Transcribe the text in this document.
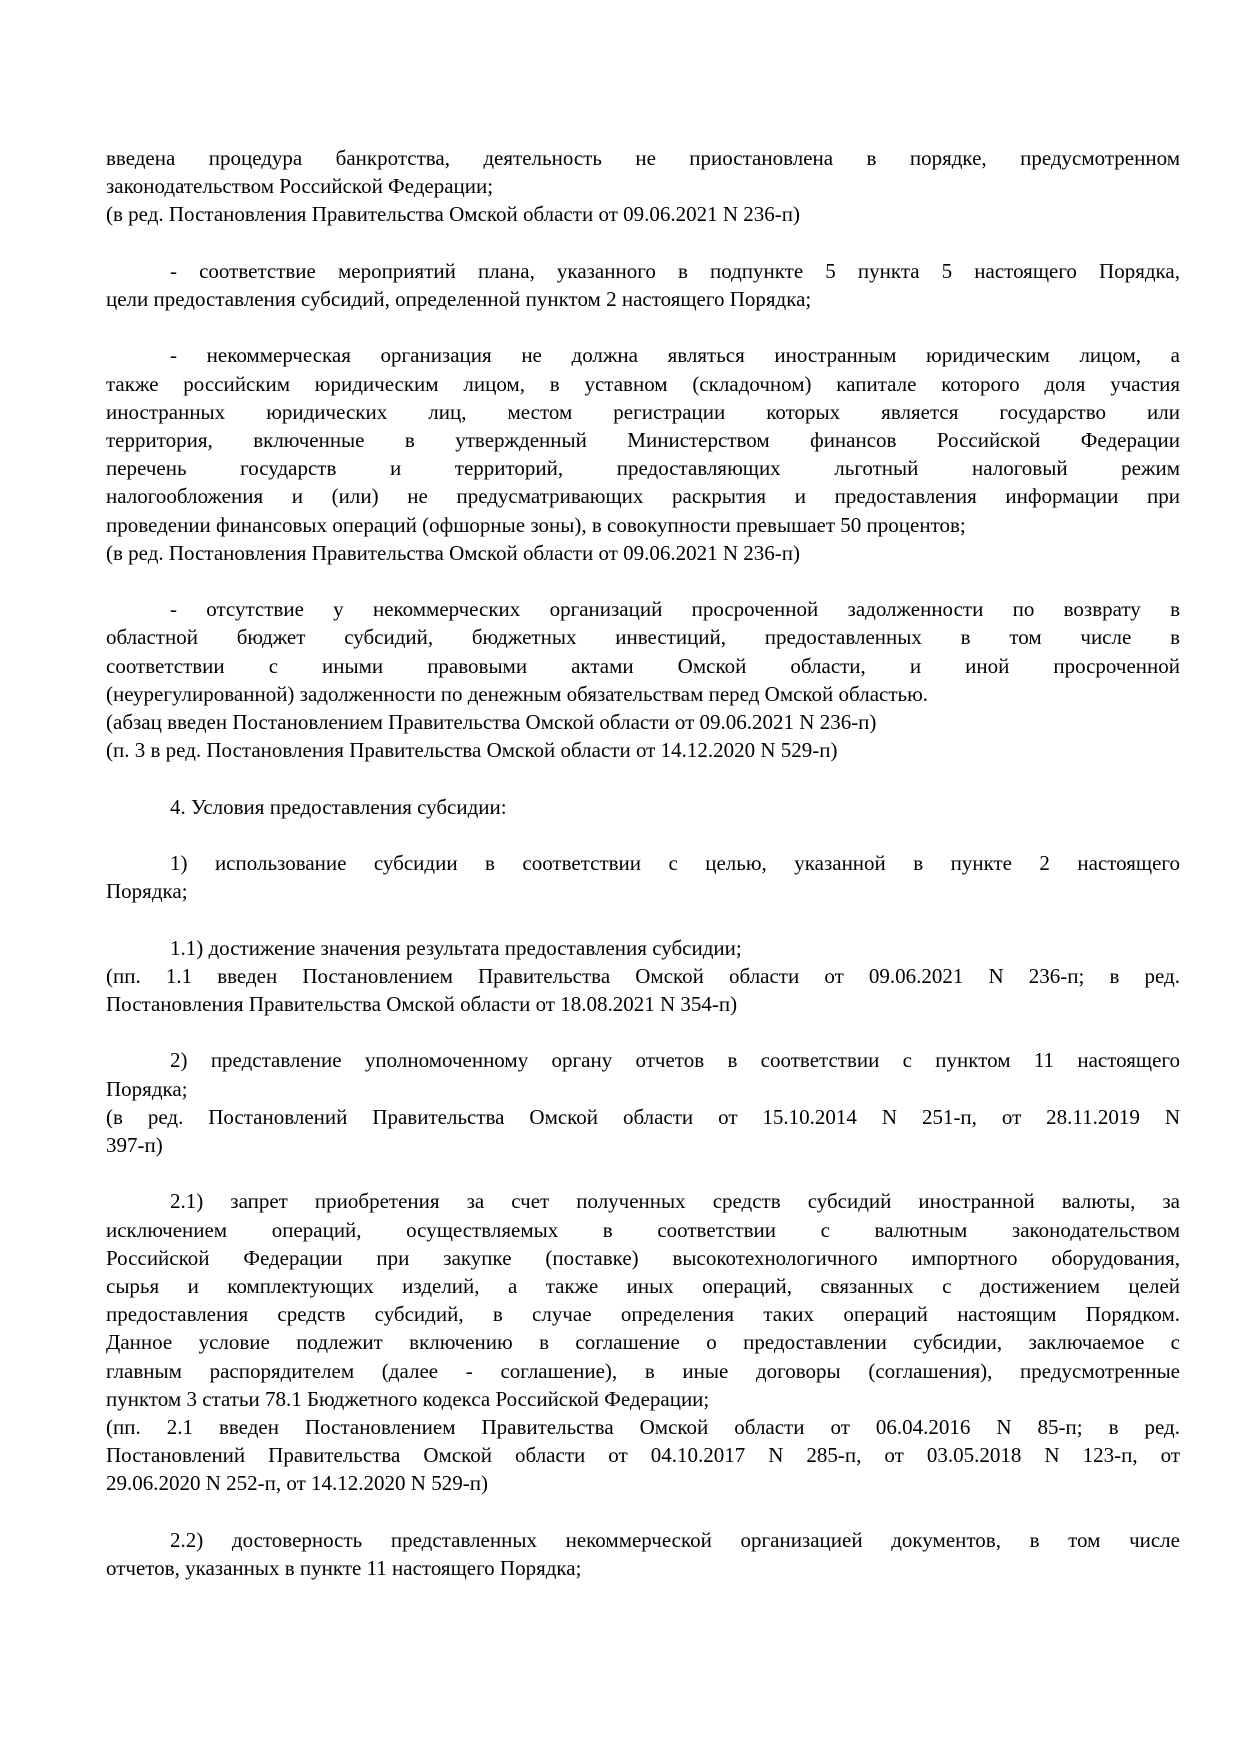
введена процедура банкротства, деятельность не приостановлена в порядке, предусмотренном
законодательством Российской Федерации;
(в ред. Постановления Правительства Омской области от 09.06.2021 N 236-п)
- соответствие мероприятий плана, указанного в подпункте 5 пункта 5 настоящего Порядка,
цели предоставления субсидий, определенной пунктом 2 настоящего Порядка;
- некоммерческая организация не должна являться иностранным юридическим лицом, а
также российским юридическим лицом, в уставном (складочном) капитале которого доля участия
иностранных юридических лиц, местом регистрации которых является государство или
территория, включенные в утвержденный Министерством финансов Российской Федерации
перечень государств и территорий, предоставляющих льготный налоговый режим
налогообложения и (или) не предусматривающих раскрытия и предоставления информации при
проведении финансовых операций (офшорные зоны), в совокупности превышает 50 процентов;
(в ред. Постановления Правительства Омской области от 09.06.2021 N 236-п)
- отсутствие у некоммерческих организаций просроченной задолженности по возврату в
областной бюджет субсидий, бюджетных инвестиций, предоставленных в том числе в
соответствии с иными правовыми актами Омской области, и иной просроченной
(неурегулированной) задолженности по денежным обязательствам перед Омской областью.
(абзац введен Постановлением Правительства Омской области от 09.06.2021 N 236-п)
(п. 3 в ред. Постановления Правительства Омской области от 14.12.2020 N 529-п)
4. Условия предоставления субсидии:
1) использование субсидии в соответствии с целью, указанной в пункте 2 настоящего
Порядка;
1.1) достижение значения результата предоставления субсидии;
(пп. 1.1 введен Постановлением Правительства Омской области от 09.06.2021 N 236-п; в ред.
Постановления Правительства Омской области от 18.08.2021 N 354-п)
2) представление уполномоченному органу отчетов в соответствии с пунктом 11 настоящего
Порядка;
(в ред. Постановлений Правительства Омской области от 15.10.2014 N 251-п, от 28.11.2019 N
397-п)
2.1) запрет приобретения за счет полученных средств субсидий иностранной валюты, за
исключением операций, осуществляемых в соответствии с валютным законодательством
Российской Федерации при закупке (поставке) высокотехнологичного импортного оборудования,
сырья и комплектующих изделий, а также иных операций, связанных с достижением целей
предоставления средств субсидий, в случае определения таких операций настоящим Порядком.
Данное условие подлежит включению в соглашение о предоставлении субсидии, заключаемое с
главным распорядителем (далее - соглашение), в иные договоры (соглашения), предусмотренные
пунктом 3 статьи 78.1 Бюджетного кодекса Российской Федерации;
(пп. 2.1 введен Постановлением Правительства Омской области от 06.04.2016 N 85-п; в ред.
Постановлений Правительства Омской области от 04.10.2017 N 285-п, от 03.05.2018 N 123-п, от
29.06.2020 N 252-п, от 14.12.2020 N 529-п)
2.2) достоверность представленных некоммерческой организацией документов, в том числе
отчетов, указанных в пункте 11 настоящего Порядка;
